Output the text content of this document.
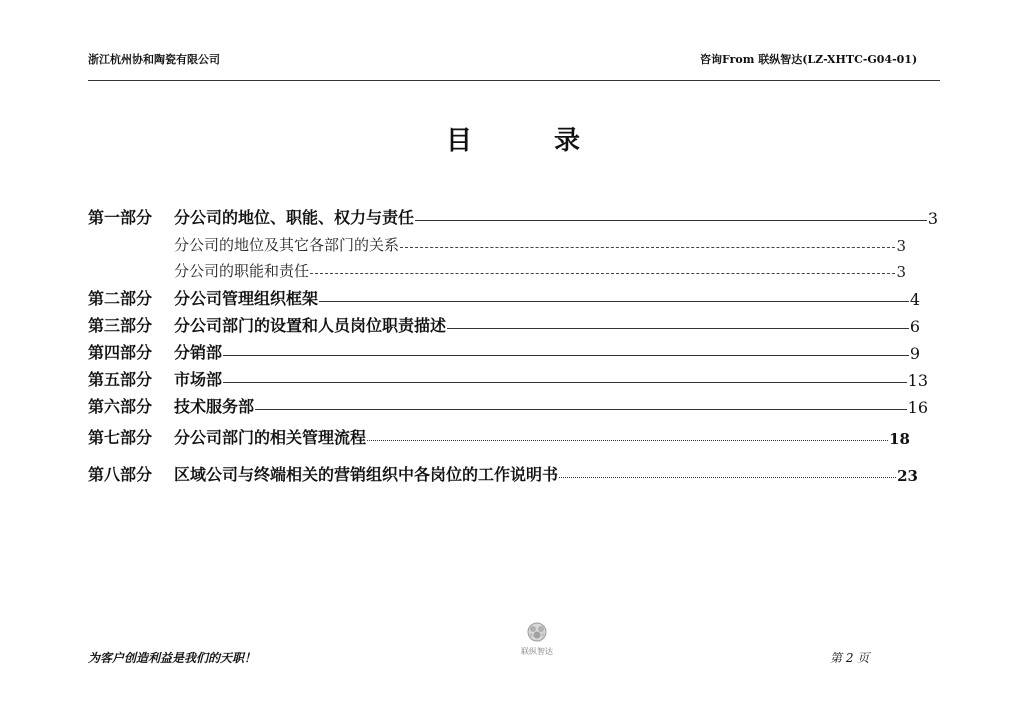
浙江杭州协和陶瓷有限公司	咨询From 联纵智达(LZ-XHTC-G04-01)
目	录
第一部分	分公司的地位、职能、权力与责任	3
分公司的地位及其它各部门的关系	3
分公司的职能和责任	3
第二部分	分公司管理组织框架	4
第三部分	分公司部门的设置和人员岗位职责描述	6
第四部分	分销部	9
第五部分	市场部	13
第六部分	技术服务部	16
第七部分	分公司部门的相关管理流程	18
第八部分	区域公司与终端相关的营销组织中各岗位的工作说明书	23
为客户创造利益是我们的天职！	联纵智达	第 2 页
